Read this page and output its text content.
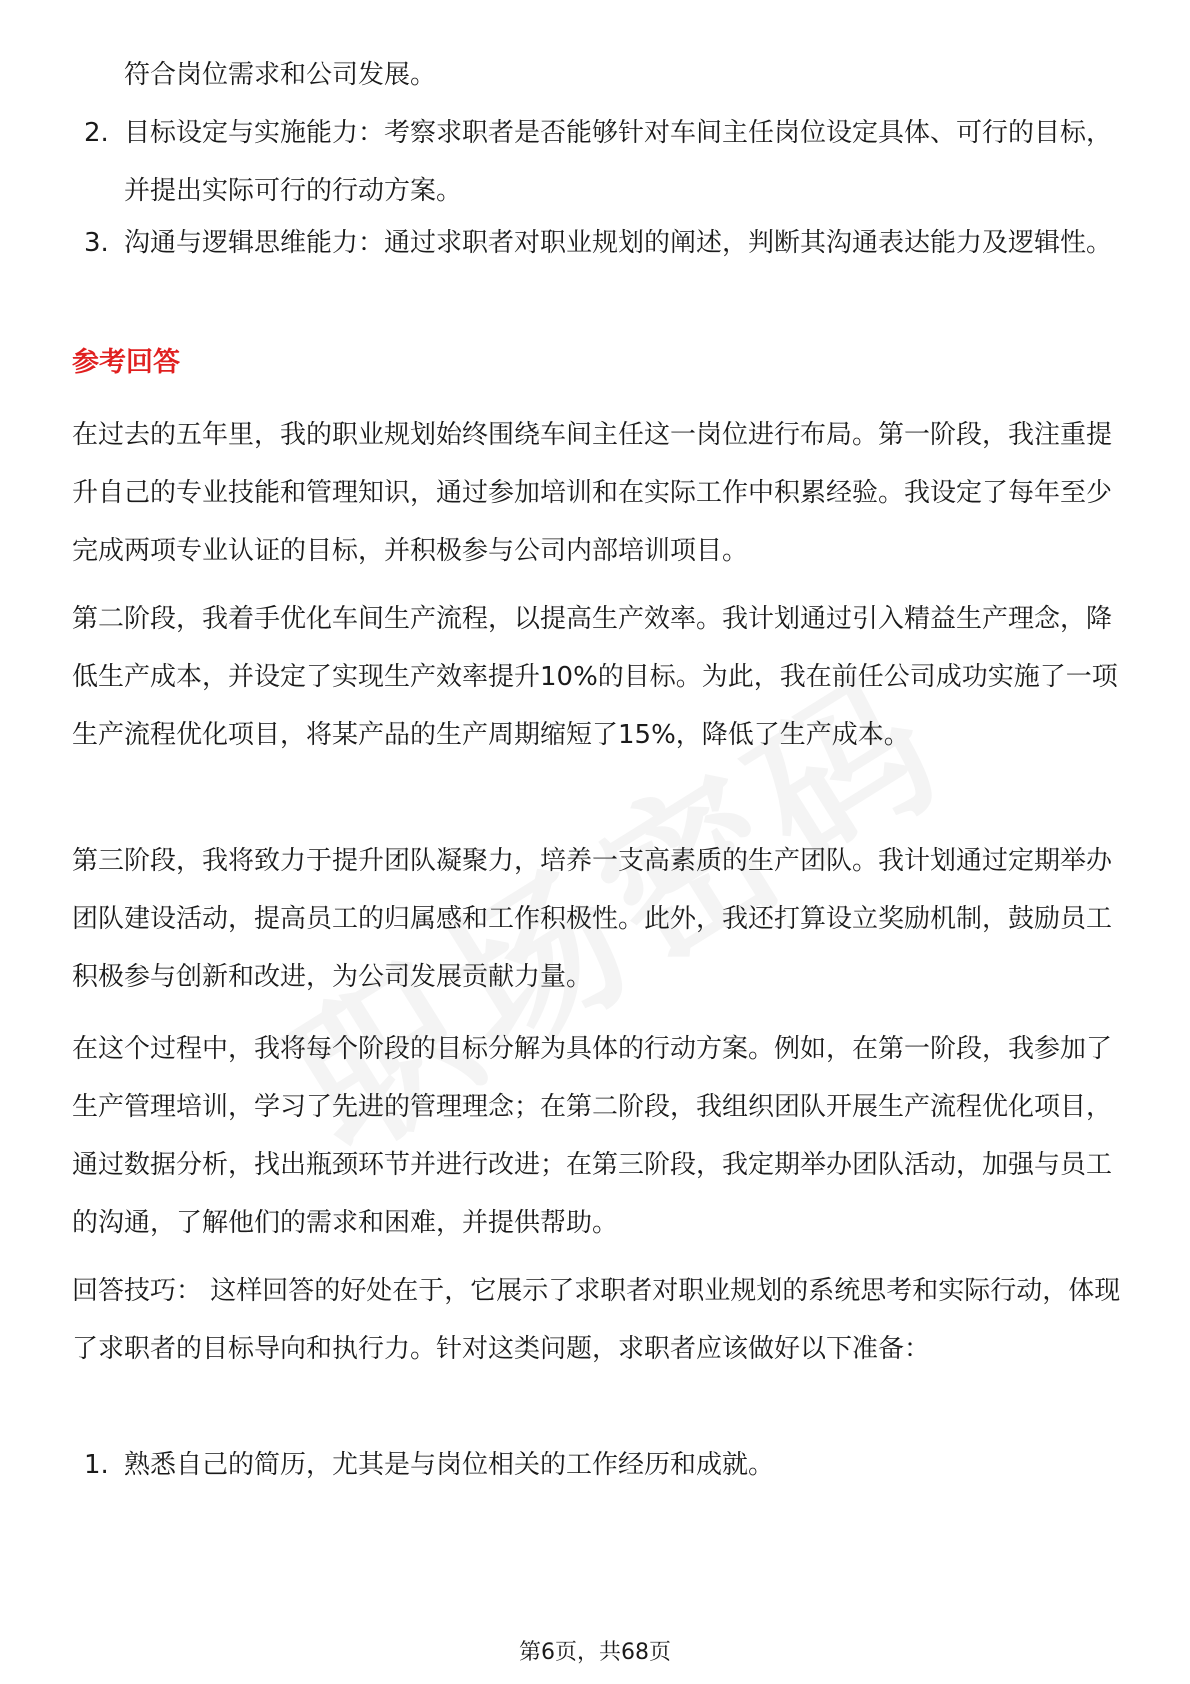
符合岗位需求和公司发展。
2. 目标设定与实施能力：考察求职者是否能够针对车间主任岗位设定具体、可行的目标，并提出实际可行的行动方案。
3. 沟通与逻辑思维能力：通过求职者对职业规划的阐述，判断其沟通表达能力及逻辑性。
参考回答
在过去的五年里，我的职业规划始终围绕车间主任这一岗位进行布局。第一阶段，我注重提升自己的专业技能和管理知识，通过参加培训和在实际工作中积累经验。我设定了每年至少完成两项专业认证的目标，并积极参与公司内部培训项目。
第二阶段，我着手优化车间生产流程，以提高生产效率。我计划通过引入精益生产理念，降低生产成本，并设定了实现生产效率提升10%的目标。为此，我在前任公司成功实施了一项生产流程优化项目，将某产品的生产周期缩短了15%，降低了生产成本。
第三阶段，我将致力于提升团队凝聚力，培养一支高素质的生产团队。我计划通过定期举办团队建设活动，提高员工的归属感和工作积极性。此外，我还打算设立奖励机制，鼓励员工积极参与创新和改进，为公司发展贡献力量。
在这个过程中，我将每个阶段的目标分解为具体的行动方案。例如，在第一阶段，我参加了生产管理培训，学习了先进的管理理念；在第二阶段，我组织团队开展生产流程优化项目，通过数据分析，找出瓶颈环节并进行改进；在第三阶段，我定期举办团队活动，加强与员工的沟通，了解他们的需求和困难，并提供帮助。
回答技巧： 这样回答的好处在于，它展示了求职者对职业规划的系统思考和实际行动，体现了求职者的目标导向和执行力。针对这类问题，求职者应该做好以下准备：
1. 熟悉自己的简历，尤其是与岗位相关的工作经历和成就。
第6页，共68页
